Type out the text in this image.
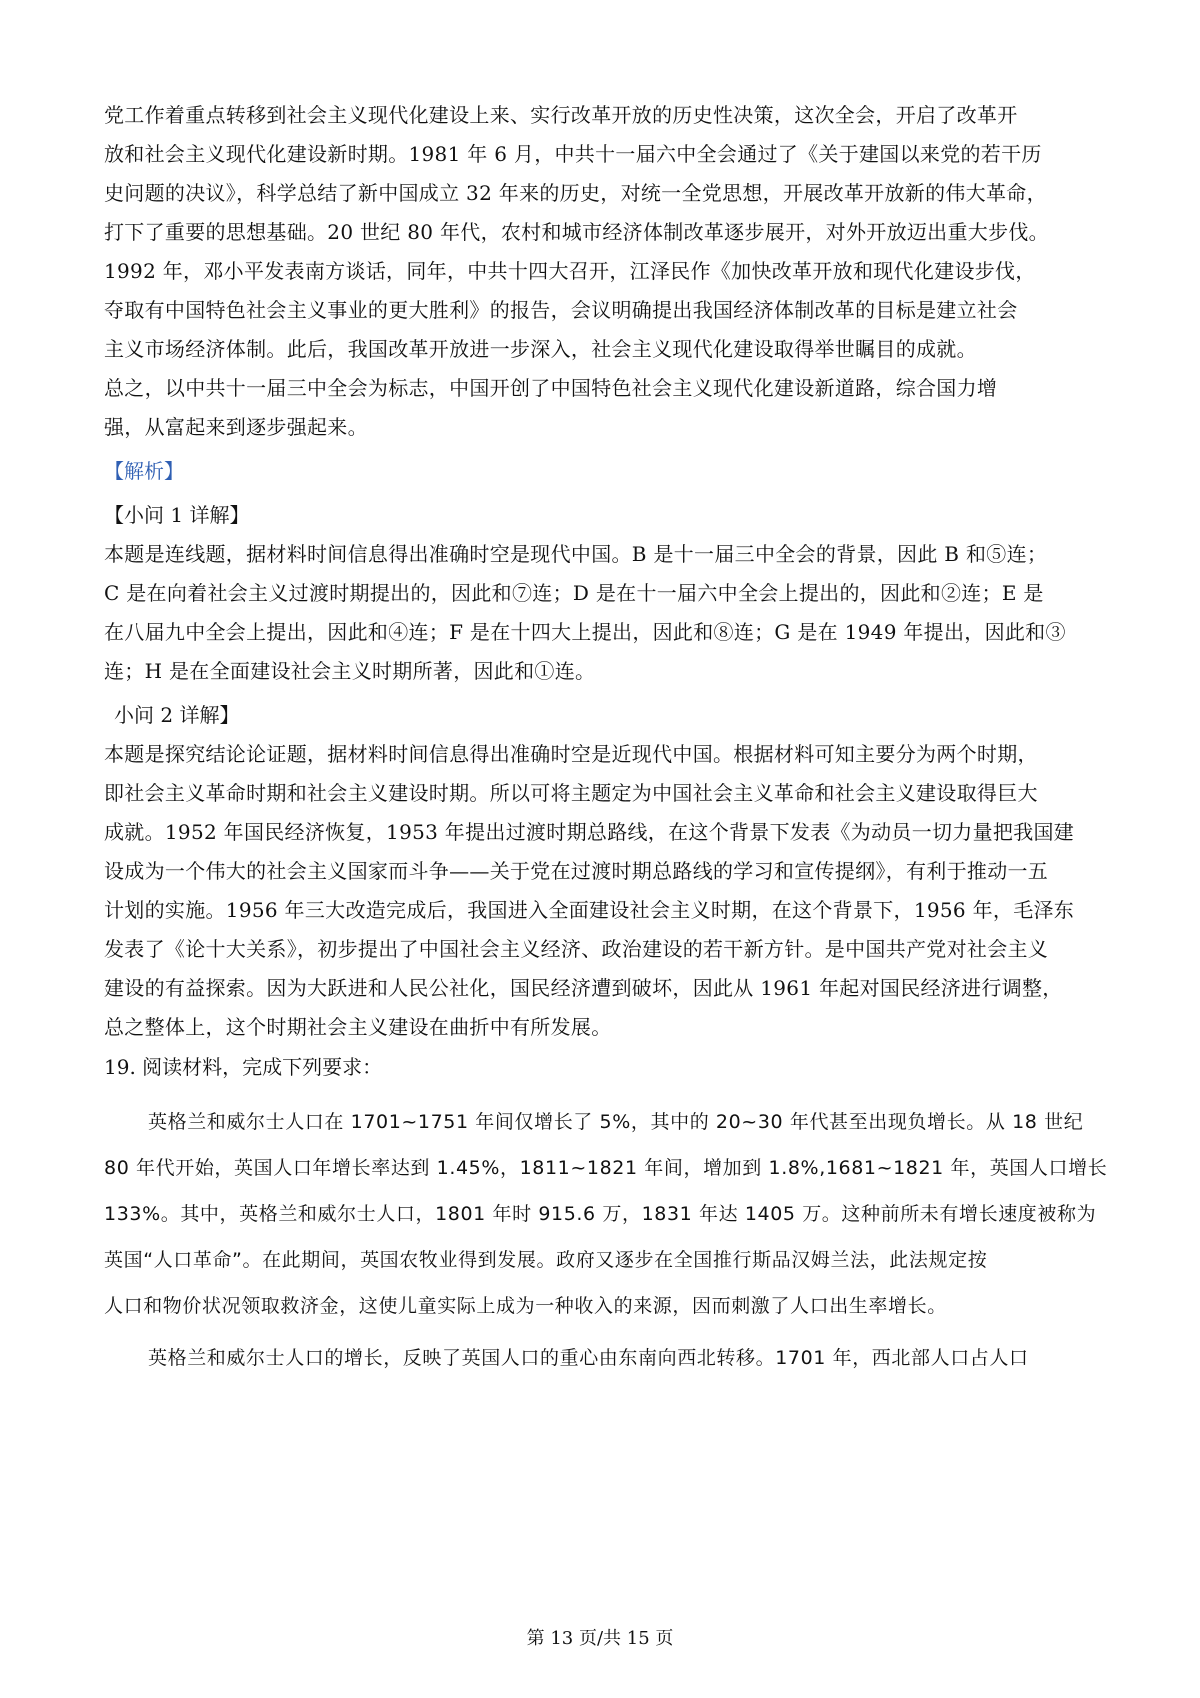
党工作着重点转移到社会主义现代化建设上来、实行改革开放的历史性决策，这次全会，开启了改革开
放和社会主义现代化建设新时期。1981 年 6 月，中共十一届六中全会通过了《关于建国以来党的若干历
史问题的决议》，科学总结了新中国成立 32 年来的历史，对统一全党思想，开展改革开放新的伟大革命，
打下了重要的思想基础。20 世纪 80 年代，农村和城市经济体制改革逐步展开，对外开放迈出重大步伐。
1992 年，邓小平发表南方谈话，同年，中共十四大召开，江泽民作《加快改革开放和现代化建设步伐，
夺取有中国特色社会主义事业的更大胜利》的报告，会议明确提出我国经济体制改革的目标是建立社会
主义市场经济体制。此后，我国改革开放进一步深入，社会主义现代化建设取得举世瞩目的成就。
总之，以中共十一届三中全会为标志，中国开创了中国特色社会主义现代化建设新道路，综合国力增
强，从富起来到逐步强起来。
【解析】
【小问 1 详解】
本题是连线题，据材料时间信息得出准确时空是现代中国。B 是十一届三中全会的背景，因此 B 和⑤连；
C 是在向着社会主义过渡时期提出的，因此和⑦连；D 是在十一届六中全会上提出的，因此和②连；E 是
在八届九中全会上提出，因此和④连；F 是在十四大上提出，因此和⑧连；G 是在 1949 年提出，因此和③
连；H 是在全面建设社会主义时期所著，因此和①连。
小问 2 详解】
本题是探究结论论证题，据材料时间信息得出准确时空是近现代中国。根据材料可知主要分为两个时期，
即社会主义革命时期和社会主义建设时期。所以可将主题定为中国社会主义革命和社会主义建设取得巨大
成就。1952 年国民经济恢复，1953 年提出过渡时期总路线，在这个背景下发表《为动员一切力量把我国建
设成为一个伟大的社会主义国家而斗争——关于党在过渡时期总路线的学习和宣传提纲》，有利于推动一五
计划的实施。1956 年三大改造完成后，我国进入全面建设社会主义时期，在这个背景下，1956 年，毛泽东
发表了《论十大关系》，初步提出了中国社会主义经济、政治建设的若干新方针。是中国共产党对社会主义
建设的有益探索。因为大跃进和人民公社化，国民经济遭到破坏，因此从 1961 年起对国民经济进行调整，
总之整体上，这个时期社会主义建设在曲折中有所发展。
19. 阅读材料，完成下列要求：
英格兰和威尔士人口在 1701~1751 年间仅增长了 5%，其中的 20~30 年代甚至出现负增长。从 18 世纪
80 年代开始，英国人口年增长率达到 1.45%，1811~1821 年间，增加到 1.8%,1681~1821 年，英国人口增长
133%。其中，英格兰和威尔士人口，1801 年时 915.6 万，1831 年达 1405 万。这种前所未有增长速度被称为
英国“人口革命”。在此期间，英国农牧业得到发展。政府又逐步在全国推行斯品汉姆兰法，此法规定按
人口和物价状况领取救济金，这使儿童实际上成为一种收入的来源，因而刺激了人口出生率增长。
英格兰和威尔士人口的增长，反映了英国人口的重心由东南向西北转移。1701 年，西北部人口占人口
第 13 页/共 15 页
